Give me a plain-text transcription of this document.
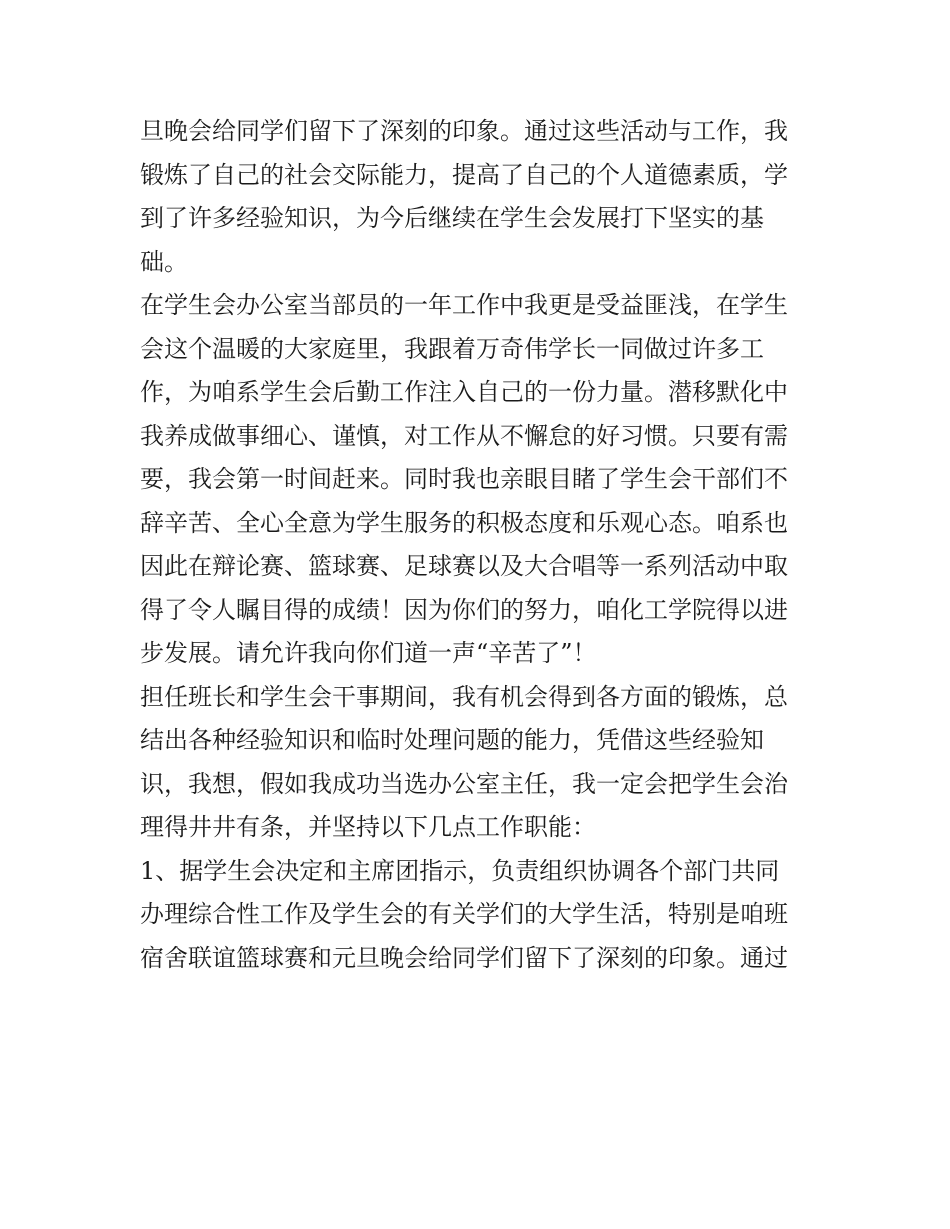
旦晚会给同学们留下了深刻的印象。通过这些活动与工作，我
锻炼了自己的社会交际能力，提高了自己的个人道德素质，学
到了许多经验知识，为今后继续在学生会发展打下坚实的基
础。
在学生会办公室当部员的一年工作中我更是受益匪浅，在学生
会这个温暖的大家庭里，我跟着万奇伟学长一同做过许多工
作，为咱系学生会后勤工作注入自己的一份力量。潜移默化中
我养成做事细心、谨慎，对工作从不懈怠的好习惯。只要有需
要，我会第一时间赶来。同时我也亲眼目睹了学生会干部们不
辞辛苦、全心全意为学生服务的积极态度和乐观心态。咱系也
因此在辩论赛、篮球赛、足球赛以及大合唱等一系列活动中取
得了令人瞩目得的成绩！因为你们的努力，咱化工学院得以进
步发展。请允许我向你们道一声“辛苦了”！
担任班长和学生会干事期间，我有机会得到各方面的锻炼，总
结出各种经验知识和临时处理问题的能力，凭借这些经验知
识，我想，假如我成功当选办公室主任，我一定会把学生会治
理得井井有条，并坚持以下几点工作职能：
1、据学生会决定和主席团指示，负责组织协调各个部门共同
办理综合性工作及学生会的有关学们的大学生活，特别是咱班
宿舍联谊篮球赛和元旦晚会给同学们留下了深刻的印象。通过
